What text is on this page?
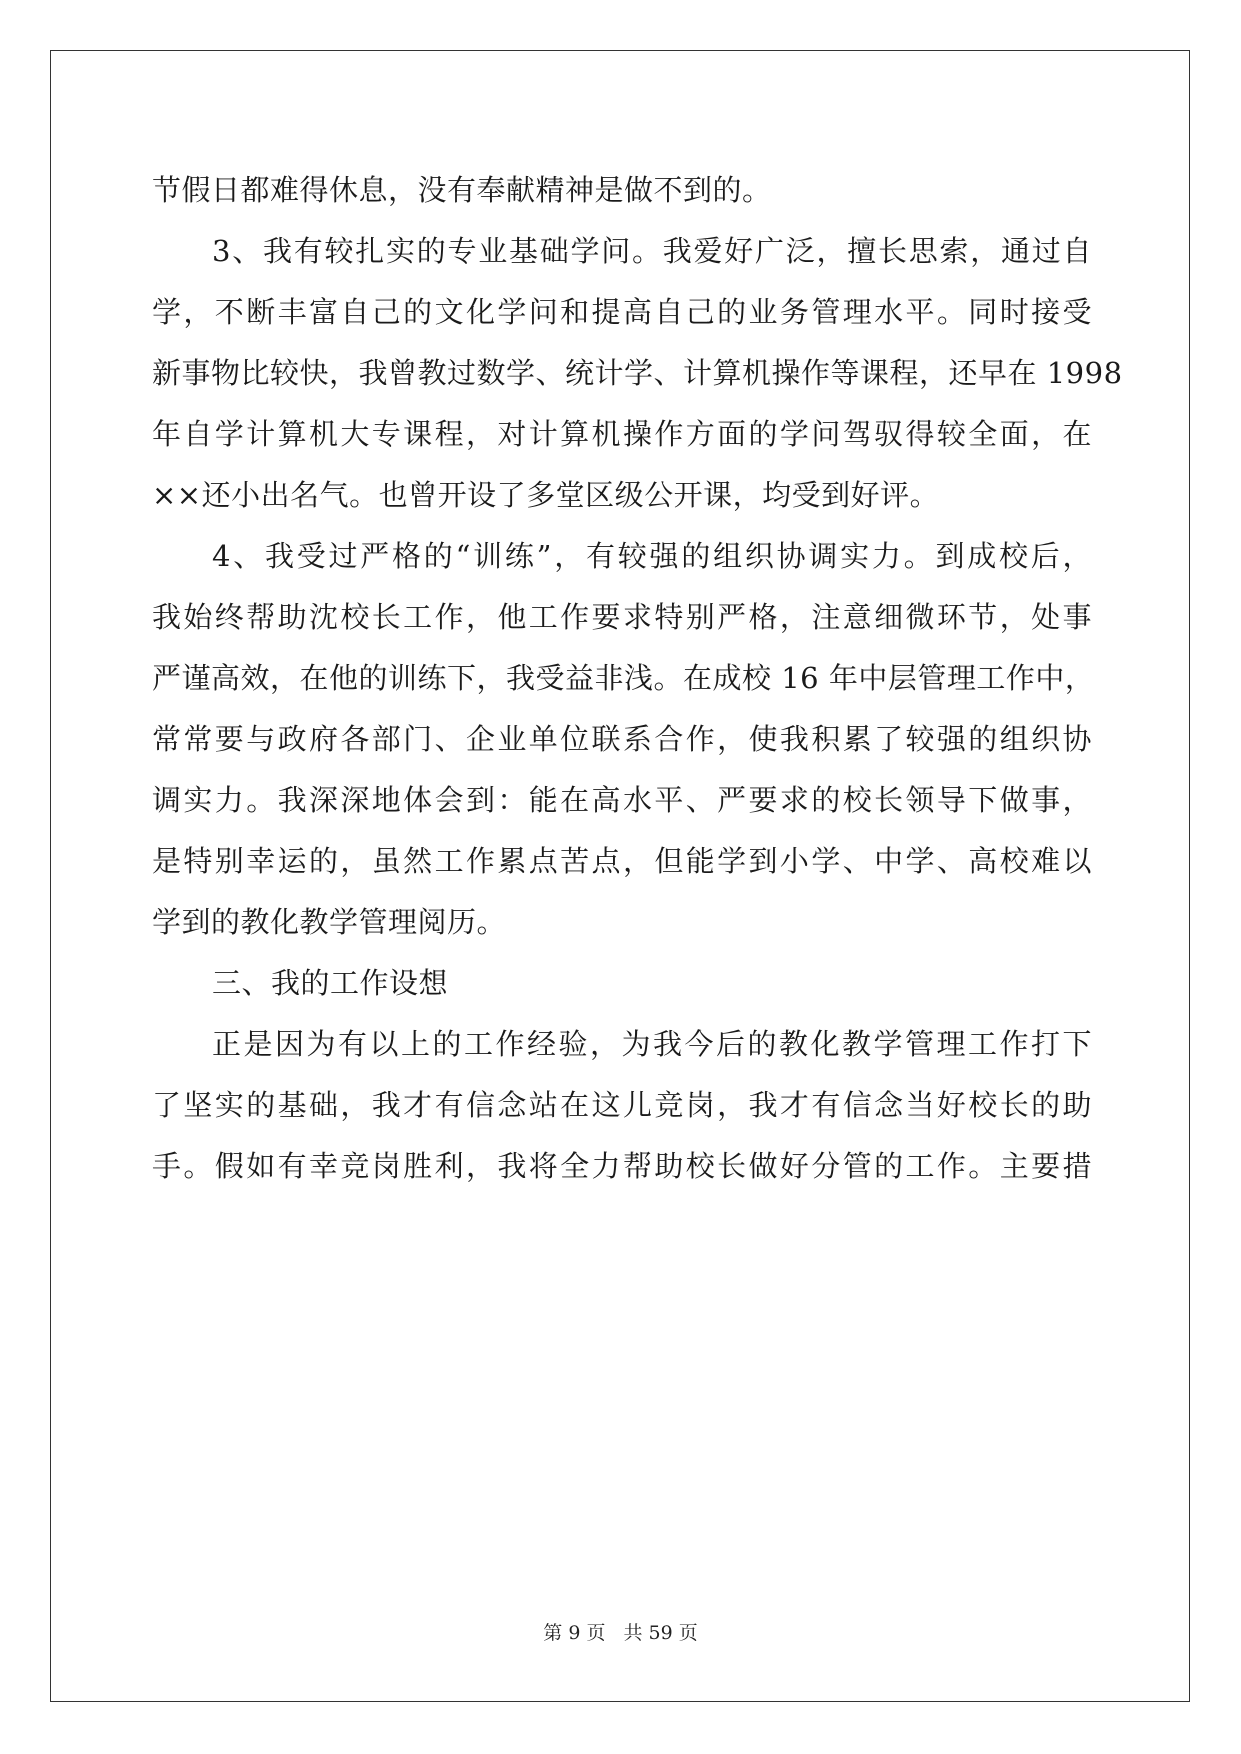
节假日都难得休息，没有奉献精神是做不到的。
3、我有较扎实的专业基础学问。我爱好广泛，擅长思索，通过自
学，不断丰富自己的文化学问和提高自己的业务管理水平。同时接受
新事物比较快，我曾教过数学、统计学、计算机操作等课程，还早在 1998
年自学计算机大专课程，对计算机操作方面的学问驾驭得较全面，在
××还小出名气。也曾开设了多堂区级公开课，均受到好评。
4、我受过严格的“训练”，有较强的组织协调实力。到成校后，
我始终帮助沈校长工作，他工作要求特别严格，注意细微环节，处事
严谨高效，在他的训练下，我受益非浅。在成校 16 年中层管理工作中，
常常要与政府各部门、企业单位联系合作，使我积累了较强的组织协
调实力。我深深地体会到：能在高水平、严要求的校长领导下做事，
是特别幸运的，虽然工作累点苦点，但能学到小学、中学、高校难以
学到的教化教学管理阅历。
三、我的工作设想
正是因为有以上的工作经验，为我今后的教化教学管理工作打下
了坚实的基础，我才有信念站在这儿竞岗，我才有信念当好校长的助
手。假如有幸竞岗胜利，我将全力帮助校长做好分管的工作。主要措
第 9 页 共 59 页
